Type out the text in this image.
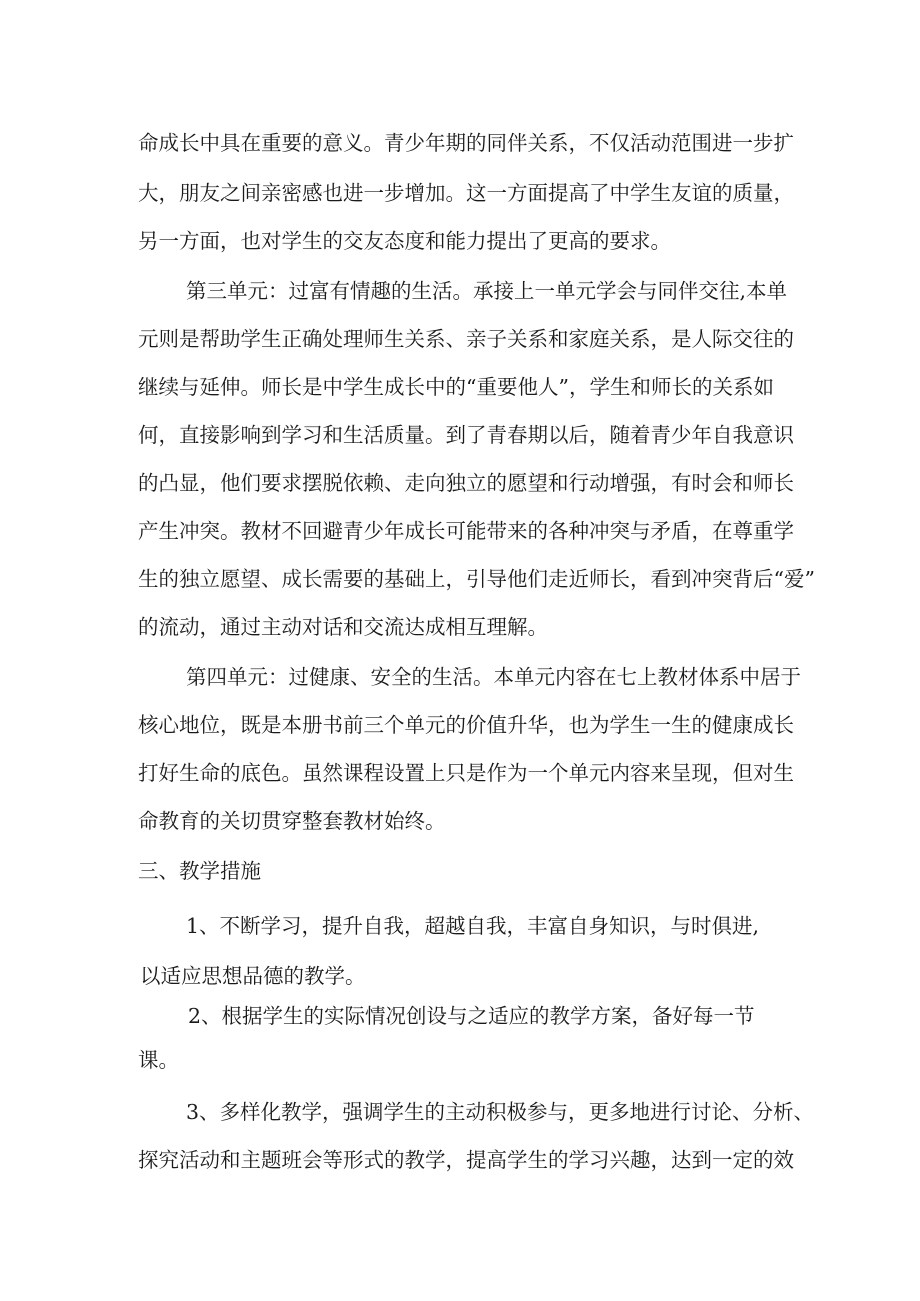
命成长中具在重要的意义。青少年期的同伴关系，不仅活动范围进一步扩
大，朋友之间亲密感也进一步增加。这一方面提高了中学生友谊的质量，
另一方面，也对学生的交友态度和能力提出了更高的要求。
第三单元：过富有情趣的生活。承接上一单元学会与同伴交往,本单
元则是帮助学生正确处理师生关系、亲子关系和家庭关系，是人际交往的
继续与延伸。师长是中学生成长中的“重要他人”，学生和师长的关系如
何，直接影响到学习和生活质量。到了青春期以后，随着青少年自我意识
的凸显，他们要求摆脱依赖、走向独立的愿望和行动增强，有时会和师长
产生冲突。教材不回避青少年成长可能带来的各种冲突与矛盾，在尊重学
生的独立愿望、成长需要的基础上，引导他们走近师长，看到冲突背后“爱”
的流动，通过主动对话和交流达成相互理解。
第四单元：过健康、安全的生活。本单元内容在七上教材体系中居于
核心地位，既是本册书前三个单元的价值升华，也为学生一生的健康成长
打好生命的底色。虽然课程设置上只是作为一个单元内容来呈现，但对生
命教育的关切贯穿整套教材始终。
三、教学措施
1、不断学习，提升自我，超越自我，丰富自身知识，与时俱进,
以适应思想品德的教学。
2、根据学生的实际情况创设与之适应的教学方案，备好每一节
课。
3、多样化教学，强调学生的主动积极参与，更多地进行讨论、分析、
探究活动和主题班会等形式的教学，提高学生的学习兴趣，达到一定的效
